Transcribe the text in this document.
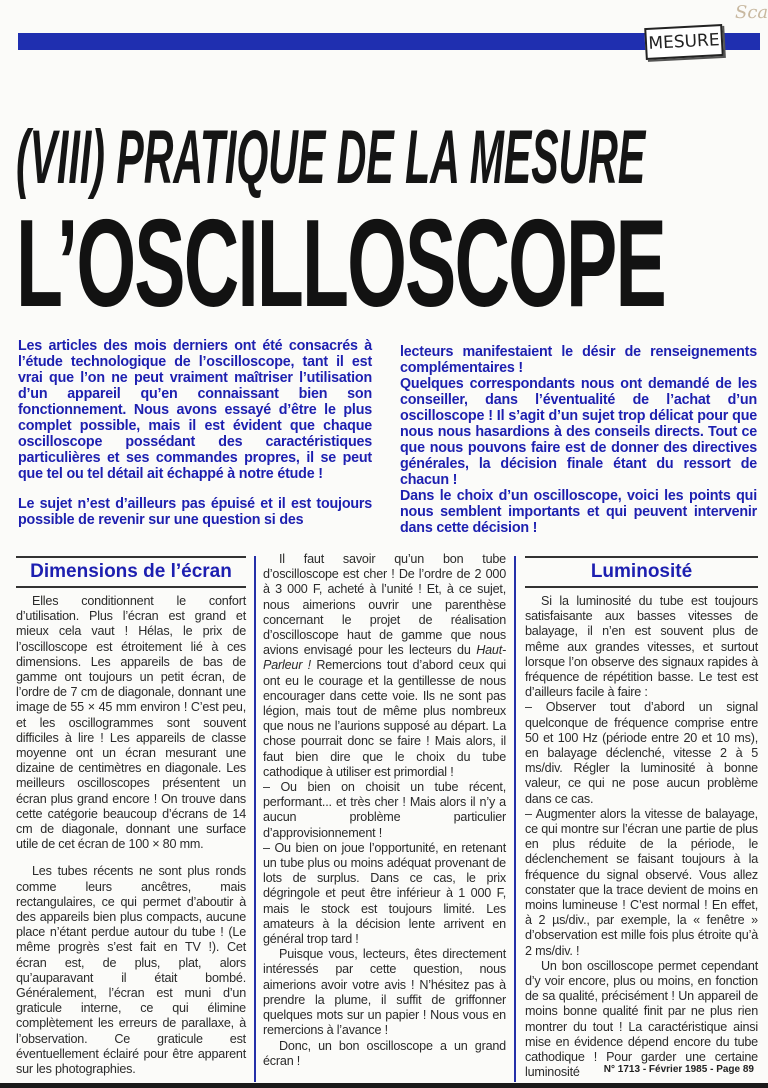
Sca
MESURE
(VIII) PRATIQUE DE LA MESURE
L’OSCILLOSCOPE

Les articles des mois derniers ont été consacrés à l’étude technologique de l’oscilloscope, tant il est vrai que l’on ne peut vraiment maîtriser l’utilisation d’un appareil qu’en connaissant bien son fonctionnement. Nous avons essayé d’être le plus complet possible, mais il est évident que chaque oscilloscope possédant des caractéristiques particulières et ses commandes propres, il se peut que tel ou tel détail ait échappé à notre étude !

Le sujet n’est d’ailleurs pas épuisé et il est toujours possible de revenir sur une question si des

lecteurs manifestaient le désir de renseignements complémentaires !

Quelques correspondants nous ont demandé de les conseiller, dans l’éventualité de l’achat d’un oscilloscope ! Il s’agit d’un sujet trop délicat pour que nous nous hasardions à des conseils directs. Tout ce que nous pouvons faire est de donner des directives générales, la décision finale étant du ressort de chacun !

Dans le choix d’un oscilloscope, voici les points qui nous semblent importants et qui peuvent intervenir dans cette décision !

Dimensions de l’écran

Elles conditionnent le confort d’utilisation. Plus l’écran est grand et mieux cela vaut ! Hélas, le prix de l’oscilloscope est étroitement lié à ces dimensions. Les appareils de bas de gamme ont toujours un petit écran, de l’ordre de 7 cm de diagonale, donnant une image de 55 × 45 mm environ ! C’est peu, et les oscillogrammes sont souvent difficiles à lire ! Les appareils de classe moyenne ont un écran mesurant une dizaine de centimètres en diagonale. Les meilleurs oscilloscopes présentent un écran plus grand encore ! On trouve dans cette catégorie beaucoup d’écrans de 14 cm de diagonale, donnant une surface utile de cet écran de 100 × 80 mm.

Les tubes récents ne sont plus ronds comme leurs ancêtres, mais rectangulaires, ce qui permet d’aboutir à des appareils bien plus compacts, aucune place n’étant perdue autour du tube ! (Le même progrès s’est fait en TV !). Cet écran est, de plus, plat, alors qu’auparavant il était bombé. Généralement, l’écran est muni d’un graticule interne, ce qui élimine complètement les erreurs de parallaxe, à l’observation. Ce graticule est éventuellement éclairé pour être apparent sur les photographies.

Il faut savoir qu’un bon tube d’oscilloscope est cher ! De l’ordre de 2 000 à 3 000 F, acheté à l’unité ! Et, à ce sujet, nous aimerions ouvrir une parenthèse concernant le projet de réalisation d’oscilloscope haut de gamme que nous avions envisagé pour les lecteurs du Haut-Parleur ! Remercions tout d’abord ceux qui ont eu le courage et la gentillesse de nous encourager dans cette voie. Ils ne sont pas légion, mais tout de même plus nombreux que nous ne l’aurions supposé au départ. La chose pourrait donc se faire ! Mais alors, il faut bien dire que le choix du tube cathodique à utiliser est primordial !

– Ou bien on choisit un tube récent, performant... et très cher ! Mais alors il n’y a aucun problème particulier d’approvisionnement !

– Ou bien on joue l’opportunité, en retenant un tube plus ou moins adéquat provenant de lots de surplus. Dans ce cas, le prix dégringole et peut être inférieur à 1 000 F, mais le stock est toujours limité. Les amateurs à la décision lente arrivent en général trop tard !

Puisque vous, lecteurs, êtes directement intéressés par cette question, nous aimerions avoir votre avis ! N’hésitez pas à prendre la plume, il suffit de griffonner quelques mots sur un papier ! Nous vous en remercions à l’avance !

Donc, un bon oscilloscope a un grand écran !

Luminosité

Si la luminosité du tube est toujours satisfaisante aux basses vitesses de balayage, il n’en est souvent plus de même aux grandes vitesses, et surtout lorsque l’on observe des signaux rapides à fréquence de répétition basse. Le test est d’ailleurs facile à faire :

– Observer tout d’abord un signal quelconque de fréquence comprise entre 50 et 100 Hz (période entre 20 et 10 ms), en balayage déclenché, vitesse 2 à 5 ms/div. Régler la luminosité à bonne valeur, ce qui ne pose aucun problème dans ce cas.

– Augmenter alors la vitesse de balayage, ce qui montre sur l’écran une partie de plus en plus réduite de la période, le déclenchement se faisant toujours à la fréquence du signal observé. Vous allez constater que la trace devient de moins en moins lumineuse ! C’est normal ! En effet, à 2 µs/div., par exemple, la « fenêtre » d’observation est mille fois plus étroite qu’à 2 ms/div. !

Un bon oscilloscope permet cependant d’y voir encore, plus ou moins, en fonction de sa qualité, précisément ! Un appareil de moins bonne qualité finit par ne plus rien montrer du tout ! La caractéristique ainsi mise en évidence dépend encore du tube cathodique ! Pour garder une certaine luminosité	N° 1713 - Février 1985 - Page 89
